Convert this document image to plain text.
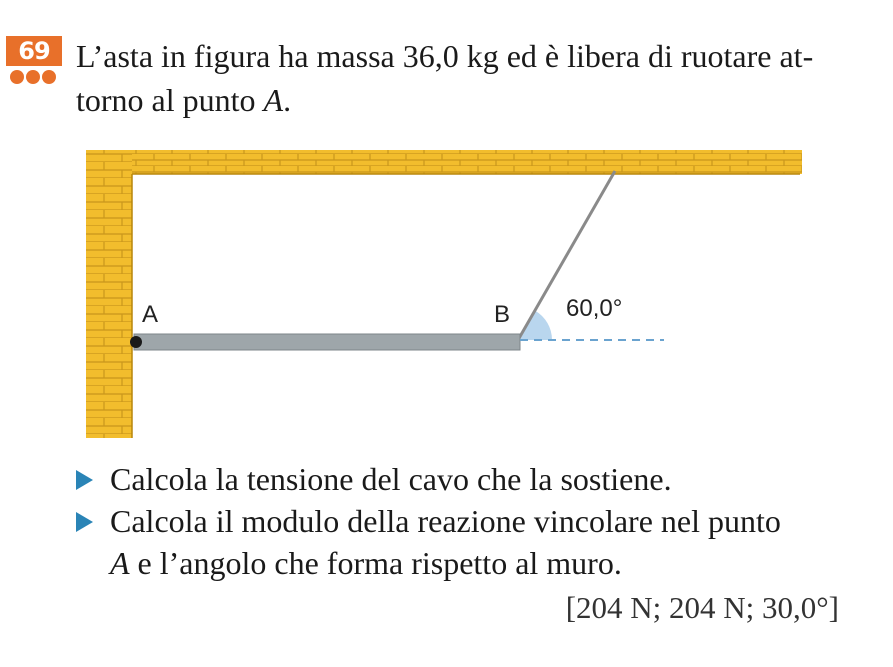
69 L’asta in figura ha massa 36,0 kg ed è libera di ruotare at-
torno al punto A.
A	B 60,0°
Calcola la tensione del cavo che la sostiene.
Calcola il modulo della reazione vincolare nel punto
A e l’angolo che forma rispetto al muro.
[204 N; 204 N; 30,0°]
